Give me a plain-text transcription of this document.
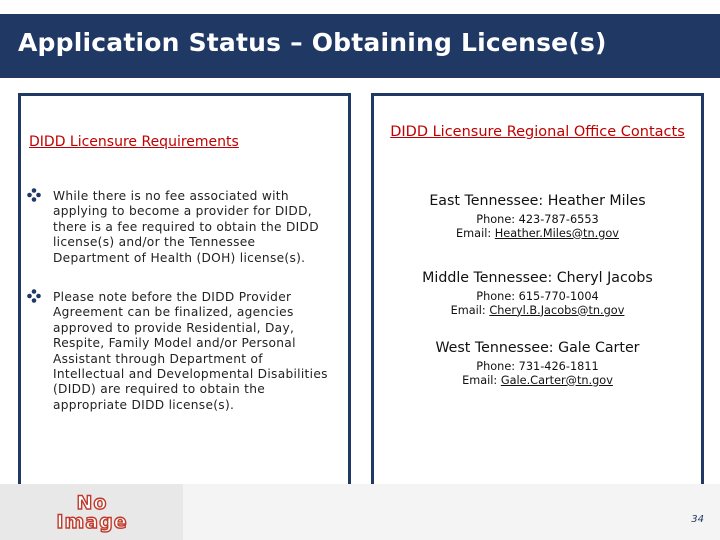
Application Status – Obtaining License(s)
DIDD Licensure Requirements
While there is no fee associated with applying to become a provider for DIDD, there is a fee required to obtain the DIDD license(s) and/or the Tennessee Department of Health (DOH) license(s).
Please note before the DIDD Provider Agreement can be finalized, agencies approved to provide Residential, Day, Respite, Family Model and/or Personal Assistant through Department of Intellectual and Developmental Disabilities (DIDD) are required to obtain the appropriate DIDD license(s).
DIDD Licensure Regional Office Contacts
East Tennessee: Heather Miles
Phone: 423-787-6553
Email: Heather.Miles@tn.gov
Middle Tennessee: Cheryl Jacobs
Phone: 615-770-1004
Email: Cheryl.B.Jacobs@tn.gov
West Tennessee: Gale Carter
Phone: 731-426-1811
Email: Gale.Carter@tn.gov
No
Image	34
